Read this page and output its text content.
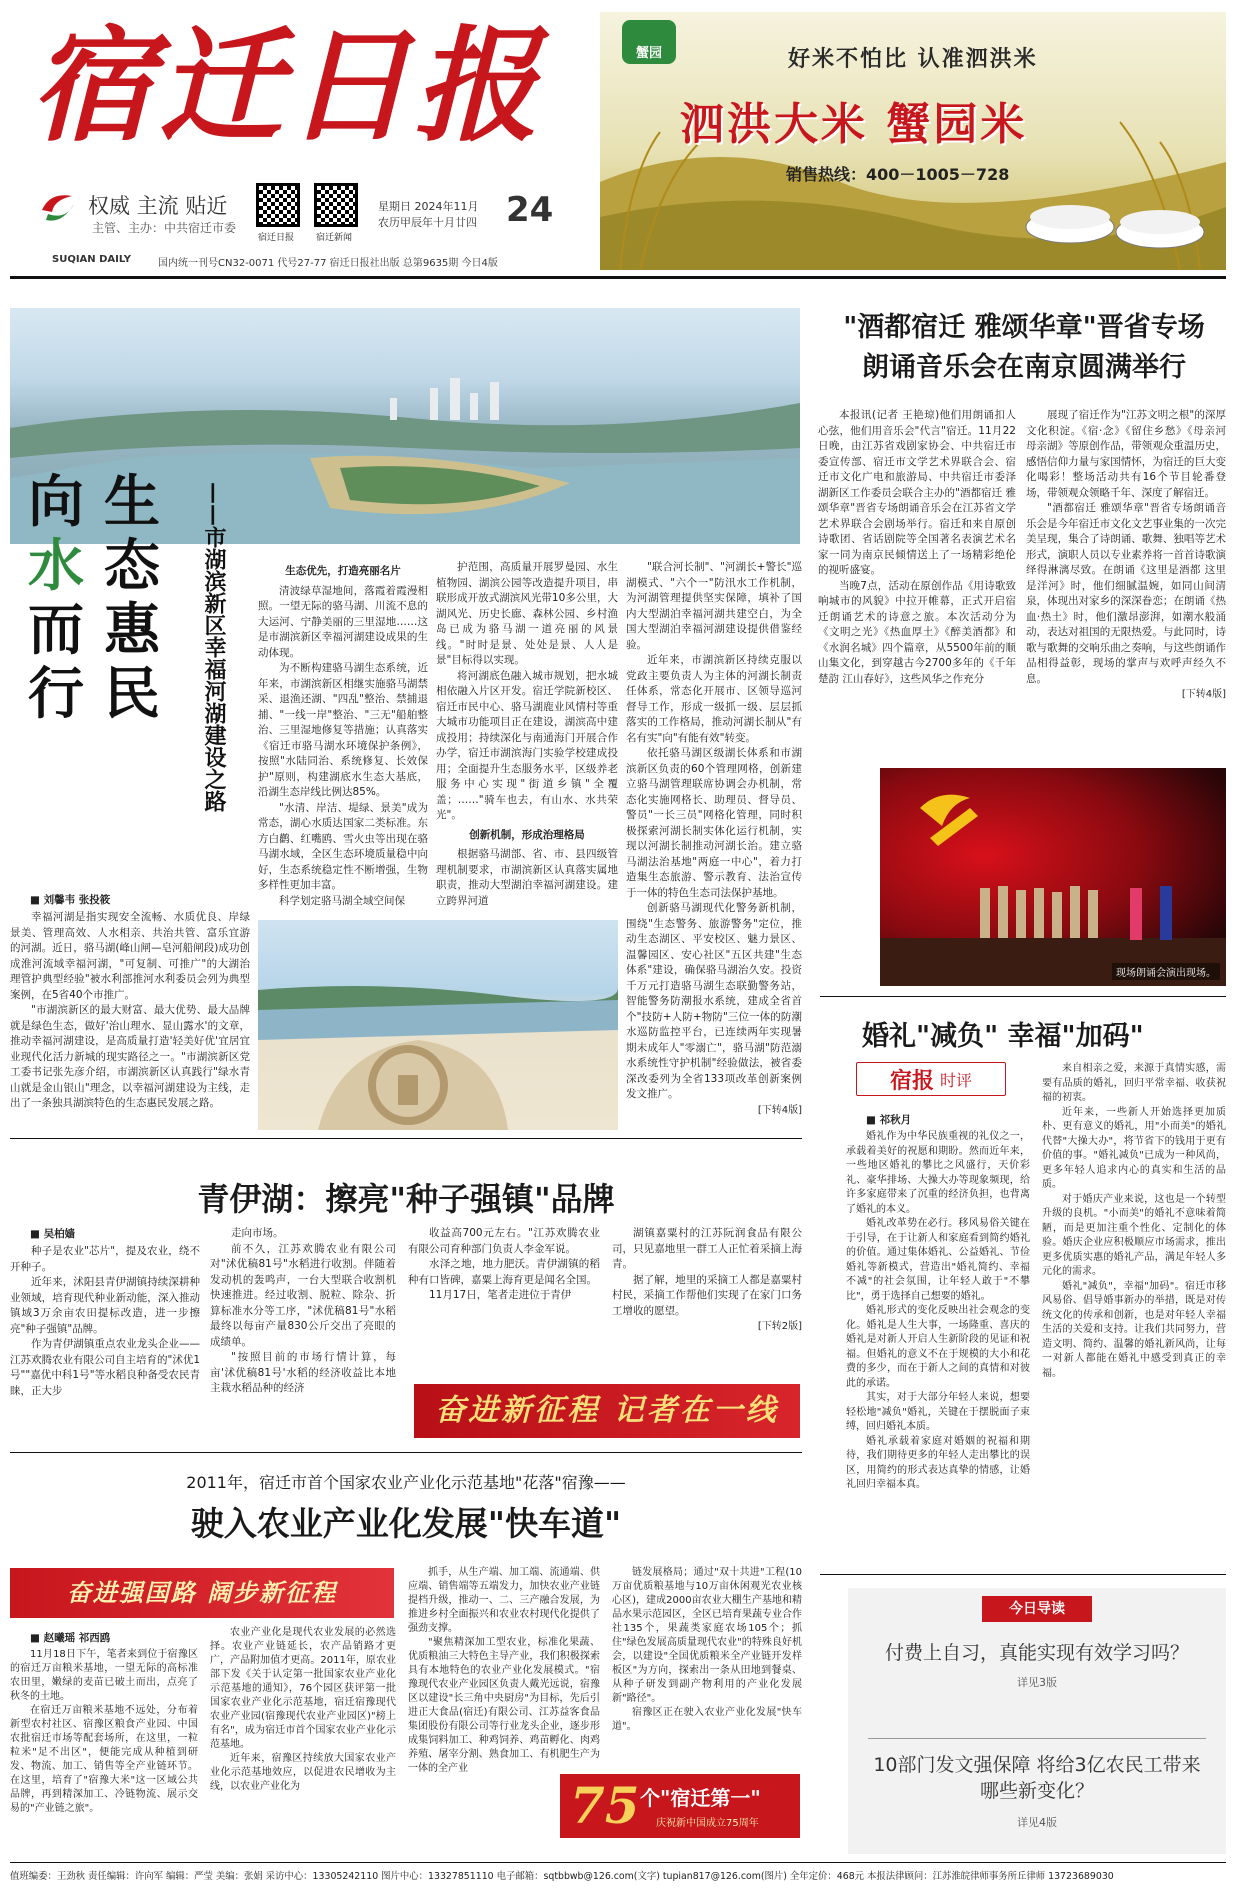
宿迁日报
权威 主流 贴近
主管、主办：中共宿迁市委
宿迁日报 宿迁新闻
星期日 2024年11月
农历甲辰年十月廿四 24
SUQIAN DAILY	国内统一刊号CN32-0071 代号27-77 宿迁日报社出版 总第9635期 今日4版
蟹园	好米不怕比 认准泗洪米
泗洪大米 蟹园米
销售热线：400－1005－728
生
态
惠
民
向
水
而
行	——市湖滨新区幸福河湖建设之路
■ 刘馨韦 张投筱

幸福河湖是指实现安全流畅、水质优良、岸绿景美、管理高效、人水相亲、共治共管、富乐宜游的河湖。近日，骆马湖(峰山闸—皂河船闸段)成功创成淮河流域幸福河湖，"可复制、可推广"的大湖治理管护典型经验"被水利部推河水利委员会列为典型案例，在5省40个市推广。

"市湖滨新区的最大财富、最大优势、最大品牌就是绿色生态，做好'治山理水、显山露水'的文章，推动幸福河湖建设，是高质量打造'轻美好优'宜居宜业现代化活力新城的现实路径之一。"市湖滨新区党工委书记张先彦介绍，市湖滨新区认真践行"绿水青山就是金山银山"理念，以幸福河湖建设为主线，走出了一条独具湖滨特色的生态惠民发展之路。

生态优先，打造亮丽名片

清波绿草湿地间，落霞着霞漫相照。一望无际的骆马湖、川流不息的大运河、宁静美丽的三里湿地……这是市湖滨新区幸福河湖建设成果的生动体现。

为不断构建骆马湖生态系统，近年来，市湖滨新区相继实施骆马湖禁采、退渔还湖、"四乱"整治、禁捕退捕、"一线一岸"整治、"三无"船舶整治、三里湿地修复等措施；认真落实《宿迁市骆马湖水环境保护条例》，按照"水陆同治、系统修复、长效保护"原则，构建湖底水生态大基底，沿湖生态岸线比例达85%。

"水清、岸洁、堤绿、景美"成为常态，湖心水质达国家二类标准。东方白鹳、红嘴鸥、雪火虫等出现在骆马湖水域，全区生态环境质量稳中向好，生态系统稳定性不断增强，生物多样性更加丰富。

科学划定骆马湖全域空间保

护范围，高质量开展罗曼园、水生植物园、湖滨公园等改造提升项目，串联形成开放式湖滨风光带10多公里，大湖风光、历史长廊、森林公园、乡村渔岛已成为骆马湖一道亮丽的风景线。"时时是景、处处是景、人人是景"目标得以实现。

将河湖底色融入城市规划，把水城相依融入片区开发。宿迁学院新校区、宿迁市民中心、骆马湖鹿业风情村等重大城市功能项目正在建设，湖滨高中建成投用；持续深化与南通海门开展合作办学，宿迁市湖滨海门实验学校建成投用；全面提升生态服务水平，区级养老服务中心实现"街道乡镇"全覆盖；……"骑车也去，有山水、水共荣光"。

创新机制，形成治理格局

根据骆马湖部、省、市、县四级管理机制要求，市湖滨新区认真落实属地职责，推动大型湖泊幸福河湖建设。建立跨界河道

"联合河长制"、"河湖长+警长"巡湖模式、"六个一"防汛水工作机制，为河湖管理提供坚实保障，填补了国内大型湖泊幸福河湖共建空白，为全国大型湖泊幸福河湖建设提供借鉴经验。

近年来，市湖滨新区持续克服以党政主要负责人为主体的河湖长制责任体系，常态化开展市、区领导巡河督导工作，形成一级抓一级、层层抓落实的工作格局，推动河湖长制从"有名有实"向"有能有效"转变。

依托骆马湖区级湖长体系和市湖滨新区负责的60个管理网格，创新建立骆马湖管理联席协调会办机制，常态化实施网格长、助理员、督导员、警员"一长三员"网格化管理，同时积极探索河湖长制实体化运行机制，实现以河湖长制推动河湖长治。建立骆马湖法治基地"两庭一中心"，着力打造集生态旅游、警示教育、法治宣传于一体的特色生态司法保护基地。

创新骆马湖现代化警务新机制，围绕"生态警务、旅游警务"定位，推动生态湖区、平安校区、魅力景区、温馨园区、安心社区"五区共建"生态体系"建设，确保骆马湖治久安。投资千万元打造骆马湖生态联勤警务站，智能警务防潮报水系统，建成全省首个"技防+人防+物防"三位一体的防潮水巡防监控平台，已连续两年实现暑期未成年人"零溺亡"，骆马湖"防范溺水系统性守护机制"经验做法，被省委深改委列为全省133项改革创新案例发文推广。

[下转4版]

"酒都宿迁 雅颂华章"晋省专场
朗诵音乐会在南京圆满举行

本报讯(记者 王艳琼)他们用朗诵扣人心弦，他们用音乐会"代言"宿迁。11月22日晚，由江苏省戏剧家协会、中共宿迁市委宣传部、宿迁市文学艺术界联合会、宿迁市文化广电和旅游局、中共宿迁市委泽湖新区工作委员会联合主办的"酒都宿迁 雅颂华章"晋省专场朗诵音乐会在江苏省文学艺术界联合会剧场举行。宿迁和来自原创诗歌团、省话剧院等全国著名表演艺术名家一同为南京民倾情送上了一场精彩绝伦的视听盛宴。

当晚7点，活动在原创作品《用诗歌致响城市的风貌》中拉开帷幕，正式开启宿迁朗诵艺术的诗意之旅。本次活动分为《文明之光》《热血厚土》《醉美酒都》和《水润名城》四个篇章，从5500年前的顺山集文化，到穿越古今2700多年的《千年楚韵 江山春好》，这些风华之作充分

展现了宿迁作为"江苏文明之根"的深厚文化积淀。《宿·念》《留住乡愁》《母亲河 母亲湖》等原创作品，带领观众重温历史，感悟信仰力量与家国情怀，为宿迁的巨大变化喝彩！整场活动共有16个节目轮番登场，带领观众领略千年、深度了解宿迁。

"酒都宿迁 雅颂华章"晋省专场朗诵音乐会是今年宿迁市文化文艺事业集的一次完美呈现，集合了诗朗诵、歌舞、独唱等艺术形式，演职人员以专业素养将一首首诗歌演绎得淋漓尽致。在朗诵《这里是酒都 这里是洋河》时，他们细腻温婉，如同山间清泉，体现出对家乡的深深眷恋；在朗诵《热血·热土》时，他们激昂澎湃，如潮水般涌动，表达对祖国的无限热爱。与此同时，诗歌与歌舞的交响乐曲之奏响，与这些朗诵作品相得益彰，现场的掌声与欢呼声经久不息。

[下转4版]

现场朗诵会演出现场。
婚礼"减负" 幸福"加码"
宿报 时评
■ 祁秋月

婚礼作为中华民族重视的礼仪之一，承载着美好的祝愿和期盼。然而近年来，一些地区婚礼的攀比之风盛行，天价彩礼、豪华排场、大操大办等现象频现，给许多家庭带来了沉重的经济负担，也背离了婚礼的本义。

婚礼改革势在必行。移风易俗关键在于引导，在于让新人和家庭看到简约婚礼的价值。通过集体婚礼、公益婚礼、节俭婚礼等新模式，营造出"婚礼简约、幸福不减"的社会氛围，让年轻人敢于"不攀比"，勇于选择自己想要的婚礼。

婚礼形式的变化反映出社会观念的变化。婚礼是人生大事，一场隆重、喜庆的婚礼是对新人开启人生新阶段的见证和祝福。但婚礼的意义不在于规模的大小和花费的多少，而在于新人之间的真情和对彼此的承诺。

其实，对于大部分年轻人来说，想要轻松地"减负"婚礼，关键在于摆脱面子束缚，回归婚礼本质。

婚礼承载着家庭对婚姻的祝福和期待，我们期待更多的年轻人走出攀比的误区，用简约的形式表达真挚的情感，让婚礼回归幸福本真。

来自相亲之爱，来源于真情实感，需要有品质的婚礼，回归平常幸福、收获祝福的初衷。

近年来，一些新人开始选择更加质朴、更有意义的婚礼，用"小而美"的婚礼代替"大操大办"，将节省下的钱用于更有价值的事。"婚礼减负"已成为一种风尚，更多年轻人追求内心的真实和生活的品质。

对于婚庆产业来说，这也是一个转型升级的良机。"小而美"的婚礼不意味着简陋，而是更加注重个性化、定制化的体验。婚庆企业应积极顺应市场需求，推出更多优质实惠的婚礼产品，满足年轻人多元化的需求。

婚礼"减负"，幸福"加码"。宿迁市移风易俗、倡导婚事新办的举措，既是对传统文化的传承和创新，也是对年轻人幸福生活的关爱和支持。让我们共同努力，营造文明、简约、温馨的婚礼新风尚，让每一对新人都能在婚礼中感受到真正的幸福。

青伊湖：擦亮"种子强镇"品牌
■ 吴柏嫱

种子是农业"芯片"，提及农业，绕不开种子。

近年来，沭阳县青伊湖镇持续深耕种业领域，培育现代种业新动能，深入推动镇域3万余亩农田提标改造，进一步擦亮"种子强镇"品牌。

作为青伊湖镇重点农业龙头企业——江苏欢腾农业有限公司自主培育的"沭优1号""嘉优中科1号"等水稻良种备受农民青睐，正大步

走向市场。

前不久，江苏欢腾农业有限公司对"沭优稿81号"水稻进行收割。伴随着发动机的轰鸣声，一台大型联合收割机快速推进。经过收割、脱粒、除杂、折算标准水分等工序，"沭优稿81号"水稻最终以每亩产量830公斤交出了亮眼的成绩单。

"按照目前的市场行情计算，每亩'沭优稿81号'水稻的经济收益比本地主栽水稻品种的经济

收益高700元左右。"江苏欢腾农业有限公司育种部门负责人李金军说。

水泽之地，地力肥沃。青伊湖镇的稻种有口皆碑，嘉粟上海育更是闻名全国。

11月17日，笔者走进位于青伊

湖镇嘉粟村的江苏阮润食品有限公司，只见嘉地里一群工人正忙着采摘上海青。

据了解，地里的采摘工人都是嘉粟村村民，采摘工作帮他们实现了在家门口务工增收的愿望。

[下转2版]

奋进新征程 记者在一线
2011年，宿迁市首个国家农业产业化示范基地"花落"宿豫——
驶入农业产业化发展"快车道"
奋进强国路 阔步新征程
■ 赵曦瑶 祁西鸥

11月18日下午，笔者来到位于宿豫区的宿迁万亩粮米基地，一望无际的高标准农田里，嫩绿的麦苗已破土而出，点亮了秋冬的土地。

在宿迁万亩粮米基地不远处，分布着新型农村社区、宿豫区粮食产业园、中国农批宿迁市场等配套场所，在这里，一粒粒米"足不出区"，便能完成从种植到研发、物流、加工、销售等全产业链环节。在这里，培育了"宿豫大米"这一区域公共品牌，再到精深加工、冷链物流、展示交易的"产业链之旅"。

农业产业化是现代农业发展的必然选择。农业产业链延长，农产品销路才更广，产品附加值才更高。2011年，原农业部下发《关于认定第一批国家农业产业化示范基地的通知》，76个园区获评第一批国家农业产业化示范基地，宿迁宿豫现代农业产业园(宿豫现代农业产业园区)"榜上有名"，成为宿迁市首个国家农业产业化示范基地。

近年来，宿豫区持续放大国家农业产业化示范基地效应，以促进农民增收为主线，以农业产业化为

抓手，从生产端、加工端、流通端、供应端、销售端等五端发力，加快农业产业链提档升级，推动一、二、三产融合发展，为推进乡村全面振兴和农业农村现代化提供了强劲支撑。

"聚焦精深加工型农业，标准化果蔬、优质粮油三大特色主导产业，我们积极探索具有本地特色的农业产业化发展模式。"宿豫现代农业产业园区负责人戴光远说，宿豫区以建设"长三角中央厨房"为目标，先后引进正大食品(宿迁)有限公司、江苏益客食品集团股份有限公司等行业龙头企业，逐步形成集饲料加工、种鸡饲养、鸡苗孵化、肉鸡养殖、屠宰分割、熟食加工、有机肥生产为一体的全产业

链发展格局；通过"双十共进"工程(10万亩优质粮基地与10万亩休闲观光农业核心区)，建成2000亩农业大棚生产基地和精品水果示范园区，全区已培育果蔬专业合作社135个，果蔬类家庭农场105个；抓住"绿色发展高质量现代农业"的特殊良好机会，以建设"全国优质粮米全产业链开发样板区"为方向，探索出一条从田地到餐桌、从种子研发到副产物利用的产业化发展新"路径"。

宿豫区正在驶入农业产业化发展"快车道"。

75 个"宿迁第一"
庆祝新中国成立75周年
今日导读
付费上自习，真能实现有效学习吗？
详见3版
10部门发文强保障 将给3亿农民工带来哪些新变化？
详见4版
值班编委：王劲秋 责任编辑：许向军 编辑：严莹 美编：张娟 采访中心：13305242110 图片中心：13327851110 电子邮箱：sqtbbwb@126.com(文字) tupian817@126.com(图片) 全年定价：468元 本报法律顾问：江苏淮皖律师事务所丘律师 13723689030
